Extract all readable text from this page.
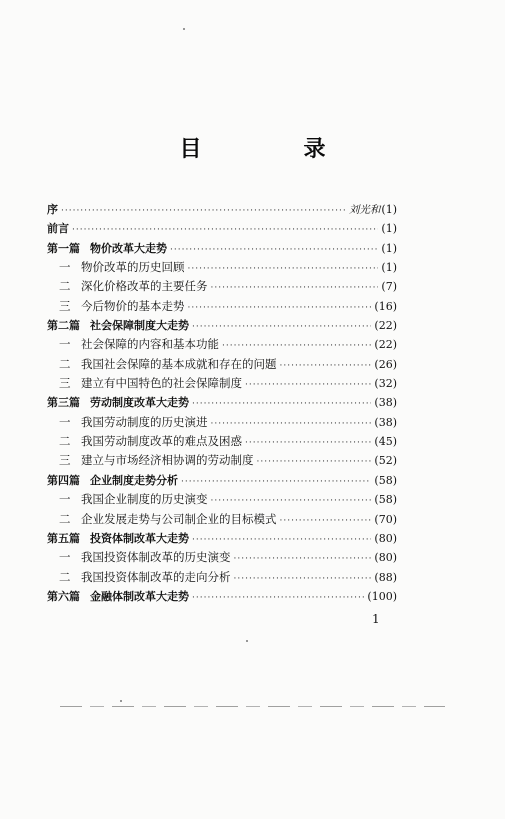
目　录
序 ·····	刘光和 (1)
前言 ·····	(1)
第一篇 物价改革大走势 ·····	(1)
一 物价改革的历史回顾 ·····	(1)
二 深化价格改革的主要任务 ·····	(7)
三 今后物价的基本走势 ·····	(16)
第二篇 社会保障制度大走势 ·····	(22)
一 社会保障的内容和基本功能 ·····	(22)
二 我国社会保障的基本成就和存在的问题 ·····	(26)
三 建立有中国特色的社会保障制度 ·····	(32)
第三篇 劳动制度改革大走势 ·····	(38)
一 我国劳动制度的历史演进 ·····	(38)
二 我国劳动制度改革的难点及困惑 ·····	(45)
三 建立与市场经济相协调的劳动制度 ·····	(52)
第四篇 企业制度走势分析 ·····	(58)
一 我国企业制度的历史演变 ·····	(58)
二 企业发展走势与公司制企业的目标模式 ·····	(70)
第五篇 投资体制改革大走势 ·····	(80)
一 我国投资体制改革的历史演变 ·····	(80)
二 我国投资体制改革的走向分析 ·····	(88)
第六篇 金融体制改革大走势 ·····	(100)
1
